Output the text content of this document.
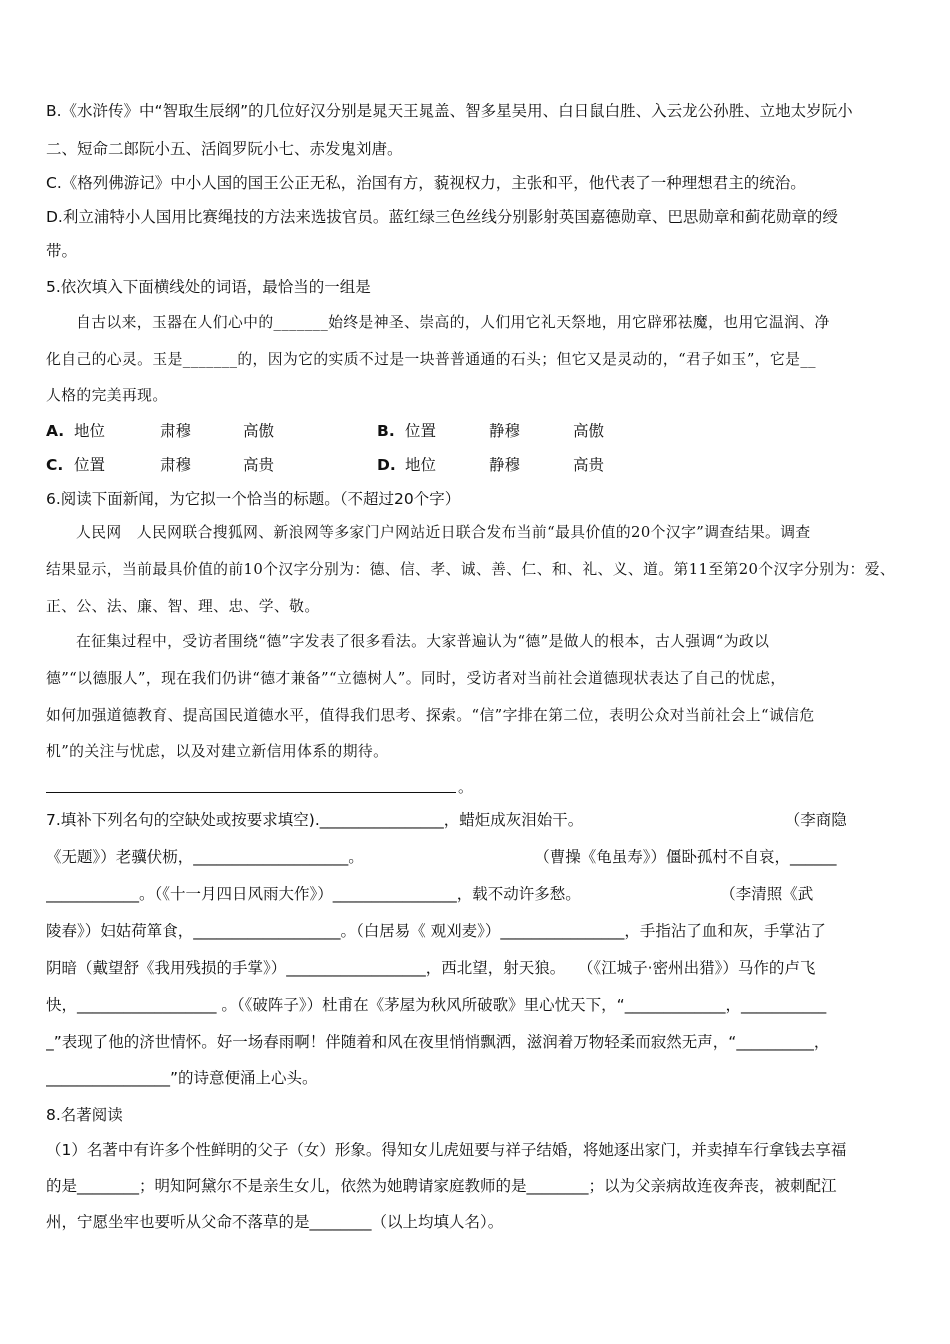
B.《水浒传》中“智取生辰纲”的几位好汉分别是晁天王晁盖、智多星吴用、白日鼠白胜、入云龙公孙胜、立地太岁阮小
二、短命二郎阮小五、活阎罗阮小七、赤发鬼刘唐。
C.《格列佛游记》中小人国的国王公正无私，治国有方，藐视权力，主张和平，他代表了一种理想君主的统治。
D.利立浦特小人国用比赛绳技的方法来选拔官员。蓝红绿三色丝线分别影射英国嘉德勋章、巴思勋章和蓟花勋章的绶
带。
5.依次填入下面横线处的词语，最恰当的一组是
自古以来，玉器在人们心中的_______始终是神圣、崇高的，人们用它礼天祭地，用它辟邪祛魔，也用它温润、净
化自己的心灵。玉是_______的，因为它的实质不过是一块普普通通的石头；但它又是灵动的，“君子如玉”，它是__
人格的完美再现。
A. 地位	肃穆	高傲	B. 位置	静穆	高傲
C. 位置	肃穆	高贵	D. 地位	静穆	高贵
6.阅读下面新闻，为它拟一个恰当的标题。（不超过20个字）
人民网　人民网联合搜狐网、新浪网等多家门户网站近日联合发布当前“最具价值的20个汉字”调查结果。调查
结果显示，当前最具价值的前10个汉字分别为：德、信、孝、诚、善、仁、和、礼、义、道。第11至第20个汉字分别为：爱、
正、公、法、廉、智、理、忠、学、敬。
在征集过程中，受访者围绕“德”字发表了很多看法。大家普遍认为“德”是做人的根本，古人强调“为政以
德”“以德服人”，现在我们仍讲“德才兼备”“立德树人”。同时，受访者对当前社会道德现状表达了自己的忧虑，
如何加强道德教育、提高国民道德水平，值得我们思考、探索。“信”字排在第二位，表明公众对当前社会上“诚信危
机”的关注与忧虑，以及对建立新信用体系的期待。
。
7.填补下列名句的空缺处或按要求填空).________________，蜡炬成灰泪始干。　　　　　　　　　　　　　　（李商隐
《无题》）老骥伏枥，____________________。　　　　　　　　　　　　（曹操《龟虽寿》）僵卧孤村不自哀，______
____________。（《十一月四日风雨大作》）________________，载不动许多愁。　　　　　　　　　　（李清照《武
陵春》）妇姑荷箪食，___________________。（白居易《 观刈麦》）________________，手指沾了血和灰，手掌沾了
阴暗（戴望舒《我用残损的手掌》）__________________，西北望，射天狼。　 （《江城子·密州出猎》）马作的卢飞
快，__________________ 。（《破阵子》）杜甫在《茅屋为秋风所破歌》里心忧天下，“_____________，___________
_”表现了他的济世情怀。好一场春雨啊！伴随着和风在夜里悄悄飘洒，滋润着万物轻柔而寂然无声，“__________，
________________”的诗意便涌上心头。
8.名著阅读
（1）名著中有许多个性鲜明的父子（女）形象。得知女儿虎妞要与祥子结婚，将她逐出家门，并卖掉车行拿钱去享福
的是________；明知阿黛尔不是亲生女儿，依然为她聘请家庭教师的是________；以为父亲病故连夜奔丧，被刺配江
州，宁愿坐牢也要听从父命不落草的是________（以上均填人名）。
